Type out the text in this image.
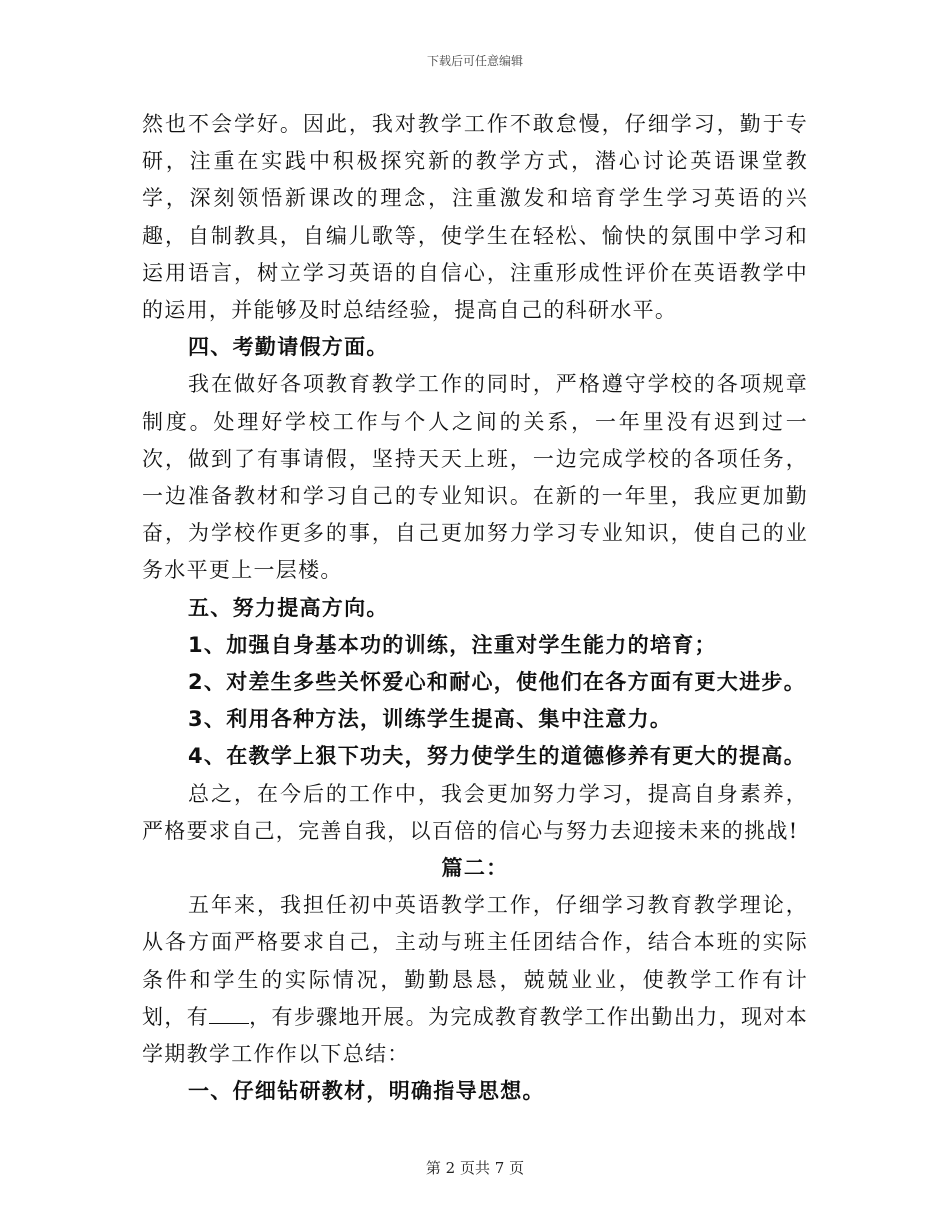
下载后可任意编辑

然也不会学好。因此，我对教学工作不敢怠慢，仔细学习，勤于专研，注重在实践中积极探究新的教学方式，潜心讨论英语课堂教学，深刻领悟新课改的理念，注重激发和培育学生学习英语的兴趣，自制教具，自编儿歌等，使学生在轻松、愉快的氛围中学习和运用语言，树立学习英语的自信心，注重形成性评价在英语教学中的运用，并能够及时总结经验，提高自己的科研水平。

四、考勤请假方面。

我在做好各项教育教学工作的同时，严格遵守学校的各项规章制度。处理好学校工作与个人之间的关系，一年里没有迟到过一次，做到了有事请假，坚持天天上班，一边完成学校的各项任务，一边准备教材和学习自己的专业知识。在新的一年里，我应更加勤奋，为学校作更多的事，自己更加努力学习专业知识，使自己的业务水平更上一层楼。

五、努力提高方向。

1、加强自身基本功的训练，注重对学生能力的培育；

2、对差生多些关怀爱心和耐心，使他们在各方面有更大进步。

3、利用各种方法，训练学生提高、集中注意力。

4、在教学上狠下功夫，努力使学生的道德修养有更大的提高。

总之，在今后的工作中，我会更加努力学习，提高自身素养，严格要求自己，完善自我，以百倍的信心与努力去迎接未来的挑战!

篇二：

五年来，我担任初中英语教学工作，仔细学习教育教学理论，从各方面严格要求自己，主动与班主任团结合作，结合本班的实际条件和学生的实际情况，勤勤恳恳，兢兢业业，使教学工作有计划，有 ，有步骤地开展。为完成教育教学工作出勤出力，现对本学期教学工作作以下总结：

一、仔细钻研教材，明确指导思想。

第 2 页共 7 页
